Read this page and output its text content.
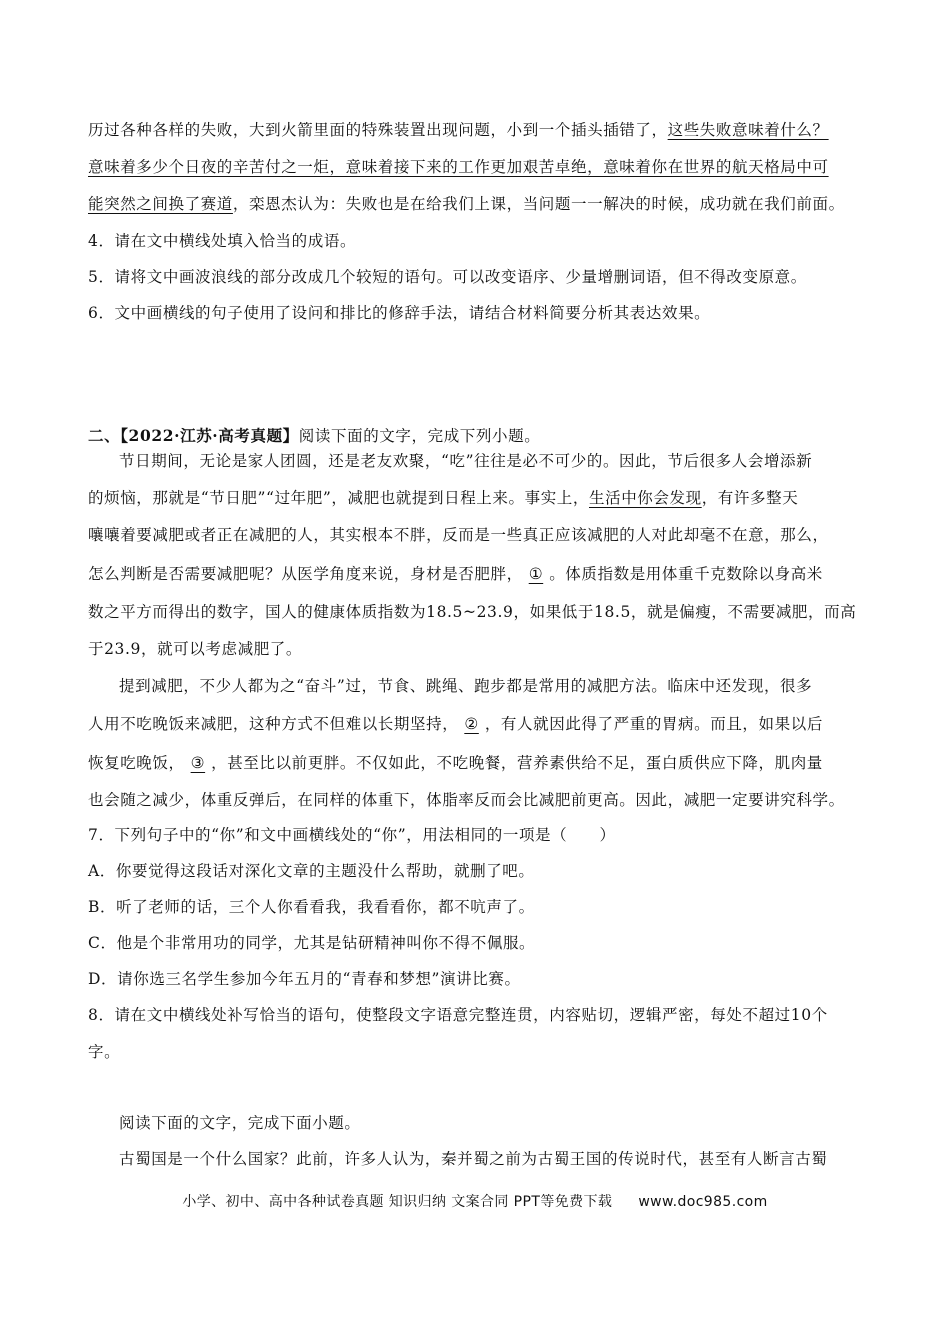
历过各种各样的失败，大到火箭里面的特殊装置出现问题，小到一个插头插错了，这些失败意味着什么？
意味着多少个日夜的辛苦付之一炬，意味着接下来的工作更加艰苦卓绝，意味着你在世界的航天格局中可
能突然之间换了赛道，栾恩杰认为：失败也是在给我们上课，当问题一一解决的时候，成功就在我们前面。
4．请在文中横线处填入恰当的成语。
5．请将文中画波浪线的部分改成几个较短的语句。可以改变语序、少量增删词语，但不得改变原意。
6．文中画横线的句子使用了设问和排比的修辞手法，请结合材料简要分析其表达效果。
二、【2022·江苏·高考真题】阅读下面的文字，完成下列小题。
节日期间，无论是家人团圆，还是老友欢聚，“吃”往往是必不可少的。因此，节后很多人会增添新
的烦恼，那就是“节日肥”“过年肥”，减肥也就提到日程上来。事实上，生活中你会发现，有许多整天
嚷嚷着要减肥或者正在减肥的人，其实根本不胖，反而是一些真正应该减肥的人对此却毫不在意，那么，
怎么判断是否需要减肥呢？从医学角度来说，身材是否肥胖， ① 。体质指数是用体重千克数除以身高米
数之平方而得出的数字，国人的健康体质指数为18.5~23.9，如果低于18.5，就是偏瘦，不需要减肥，而高
于23.9，就可以考虑减肥了。
提到减肥，不少人都为之“奋斗”过，节食、跳绳、跑步都是常用的减肥方法。临床中还发现，很多
人用不吃晚饭来减肥，这种方式不但难以长期坚持， ② ，有人就因此得了严重的胃病。而且，如果以后
恢复吃晚饭， ③ ，甚至比以前更胖。不仅如此，不吃晚餐，营养素供给不足，蛋白质供应下降，肌肉量
也会随之减少，体重反弹后，在同样的体重下，体脂率反而会比减肥前更高。因此，减肥一定要讲究科学。
7．下列句子中的“你”和文中画横线处的“你”，用法相同的一项是（　　）
A．你要觉得这段话对深化文章的主题没什么帮助，就删了吧。
B．听了老师的话，三个人你看看我，我看看你，都不吭声了。
C．他是个非常用功的同学，尤其是钻研精神叫你不得不佩服。
D．请你选三名学生参加今年五月的“青春和梦想”演讲比赛。
8．请在文中横线处补写恰当的语句，使整段文字语意完整连贯，内容贴切，逻辑严密，每处不超过10个
字。
阅读下面的文字，完成下面小题。
古蜀国是一个什么国家？此前，许多人认为，秦并蜀之前为古蜀王国的传说时代，甚至有人断言古蜀
小学、初中、高中各种试卷真题 知识归纳 文案合同 PPT等免费下载 www.doc985.com
